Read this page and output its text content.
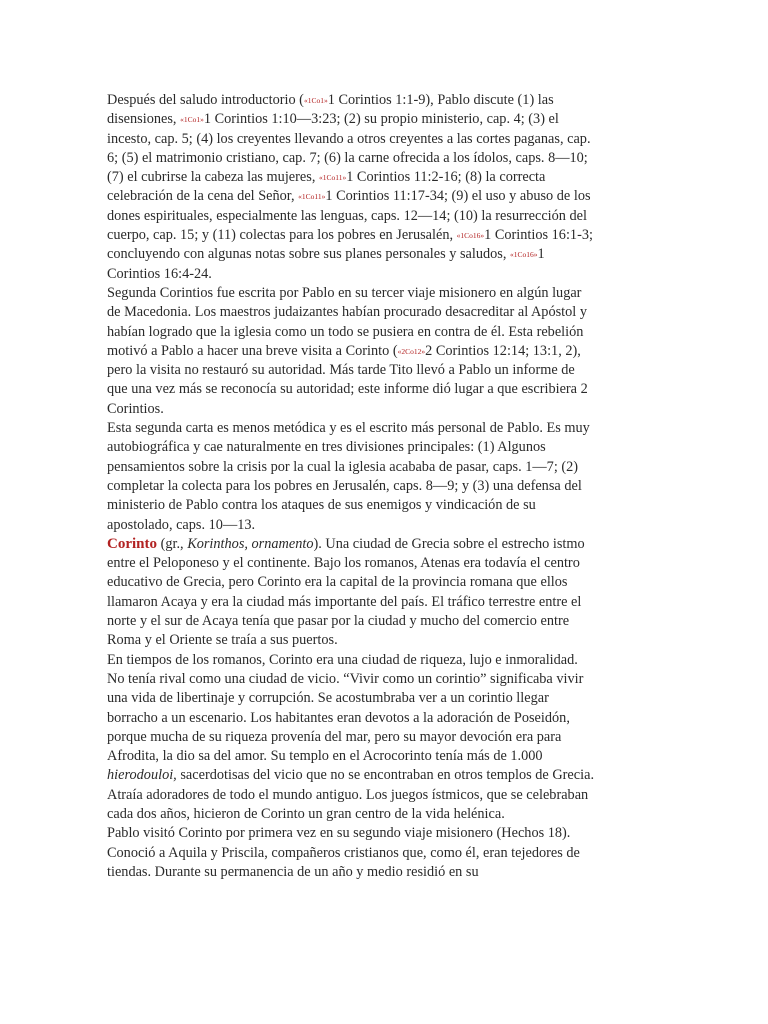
Después del saludo introductorio («1Co1»1 Corintios 1:1-9), Pablo discute (1) las disensiones, «1Co1»1 Corintios 1:10—3:23; (2) su propio ministerio, cap. 4; (3) el incesto, cap. 5; (4) los creyentes llevando a otros creyentes a las cortes paganas, cap. 6; (5) el matrimonio cristiano, cap. 7; (6) la carne ofrecida a los ídolos, caps. 8—10; (7) el cubrirse la cabeza las mujeres, «1Co11»1 Corintios 11:2-16; (8) la correcta celebración de la cena del Señor, «1Co11»1 Corintios 11:17-34; (9) el uso y abuso de los dones espirituales, especialmente las lenguas, caps. 12—14; (10) la resurrección del cuerpo, cap. 15; y (11) colectas para los pobres en Jerusalén, «1Co16»1 Corintios 16:1-3; concluyendo con algunas notas sobre sus planes personales y saludos, «1Co16»1 Corintios 16:4-24.

Segunda Corintios fue escrita por Pablo en su tercer viaje misionero en algún lugar de Macedonia. Los maestros judaizantes habían procurado desacreditar al Apóstol y habían logrado que la iglesia como un todo se pusiera en contra de él. Esta rebelión motivó a Pablo a hacer una breve visita a Corinto («2Co12»2 Corintios 12:14; 13:1, 2), pero la visita no restauró su autoridad. Más tarde Tito llevó a Pablo un informe de que una vez más se reconocía su autoridad; este informe dió lugar a que escribiera 2 Corintios.

Esta segunda carta es menos metódica y es el escrito más personal de Pablo. Es muy autobiográfica y cae naturalmente en tres divisiones principales: (1) Algunos pensamientos sobre la crisis por la cual la iglesia acababa de pasar, caps. 1—7; (2) completar la colecta para los pobres en Jerusalén, caps. 8—9; y (3) una defensa del ministerio de Pablo contra los ataques de sus enemigos y vindicación de su apostolado, caps. 10—13.

Corinto (gr., Korinthos, ornamento). Una ciudad de Grecia sobre el estrecho istmo entre el Peloponeso y el continente. Bajo los romanos, Atenas era todavía el centro educativo de Grecia, pero Corinto era la capital de la provincia romana que ellos llamaron Acaya y era la ciudad más importante del país. El tráfico terrestre entre el norte y el sur de Acaya tenía que pasar por la ciudad y mucho del comercio entre Roma y el Oriente se traía a sus puertos.

En tiempos de los romanos, Corinto era una ciudad de riqueza, lujo e inmoralidad. No tenía rival como una ciudad de vicio. “Vivir como un corintio” significaba vivir una vida de libertinaje y corrupción. Se acostumbraba ver a un corintio llegar borracho a un escenario. Los habitantes eran devotos a la adoración de Poseidón, porque mucha de su riqueza provenía del mar, pero su mayor devoción era para Afrodita, la dio sa del amor. Su templo en el Acrocorinto tenía más de 1.000 hierodouloi, sacerdotisas del vicio que no se encontraban en otros templos de Grecia. Atraía adoradores de todo el mundo antiguo. Los juegos ístmicos, que se celebraban cada dos años, hicieron de Corinto un gran centro de la vida helénica.

Pablo visitó Corinto por primera vez en su segundo viaje misionero (Hechos 18). Conoció a Aquila y Priscila, compañeros cristianos que, como él, eran tejedores de tiendas. Durante su permanencia de un año y medio residió en su
